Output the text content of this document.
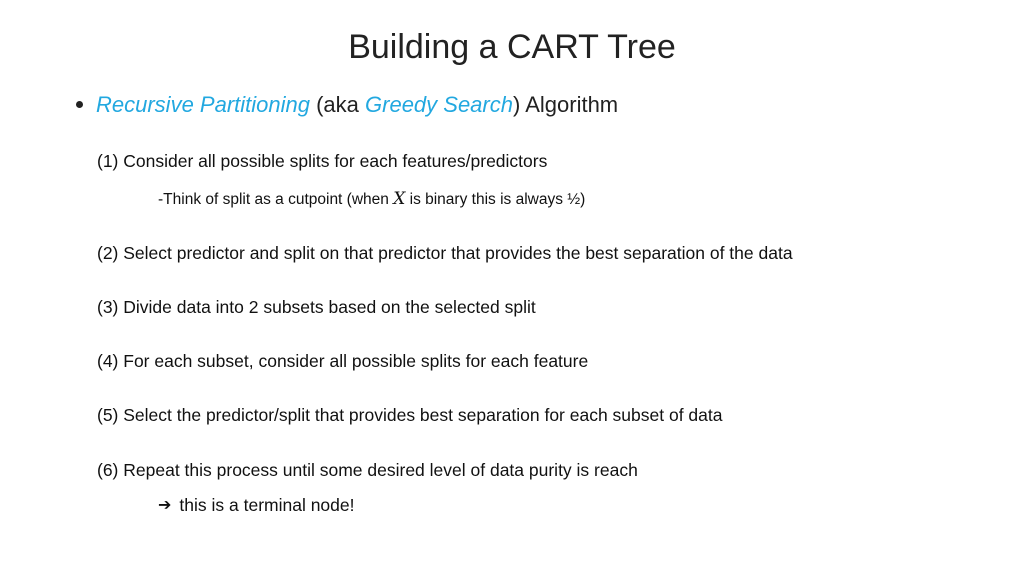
Building a CART Tree
Recursive Partitioning (aka Greedy Search) Algorithm
(1) Consider all possible splits for each features/predictors
-Think of split as a cutpoint (when X is binary this is always ½)
(2) Select predictor and split on that predictor that provides the best separation of the data
(3) Divide data into 2 subsets based on the selected split
(4) For each subset, consider all possible splits for each feature
(5) Select the predictor/split that provides best separation for each subset of data
(6) Repeat this process until some desired level of data purity is reach
➔ this is a terminal node!
